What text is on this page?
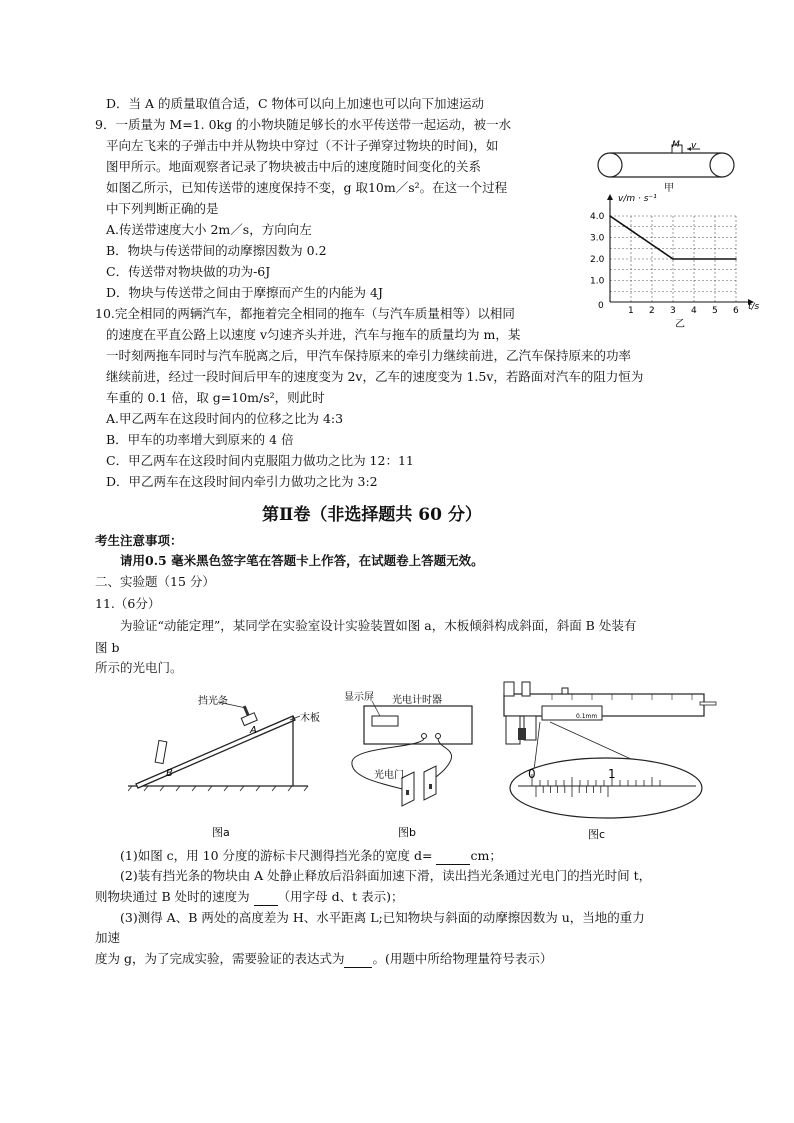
D．当 A 的质量取值合适，C 物体可以向上加速也可以向下加速运动
9．一质量为 M=1. 0kg 的小物块随足够长的水平传送带一起运动，被一水
平向左飞来的子弹击中并从物块中穿过（不计子弹穿过物块的时间)，如
图甲所示。地面观察者记录了物块被击中后的速度随时间变化的关系
如图乙所示，已知传送带的速度保持不变，g 取10m／s²。在这一个过程
中下列判断正确的是
A.传送带速度大小 2m／s，方向向左
B．物块与传送带间的动摩擦因数为 0.2
C．传送带对物块做的功为-6J
D．物块与传送带之间由于摩擦而产生的内能为 4J
M v
甲
1 2 3 4 5 6
1.0
2.0
3.0
4.0
v/m · s⁻¹
t/s
0
乙
10.完全相同的两辆汽车，都拖着完全相同的拖车（与汽车质量相等）以相同
的速度在平直公路上以速度 v匀速齐头并进，汽车与拖车的质量均为 m，某
一时刻两拖车同时与汽车脱离之后，甲汽车保持原来的牵引力继续前进，乙汽车保持原来的功率
继续前进，经过一段时间后甲车的速度变为 2v，乙车的速度变为 1.5v，若路面对汽车的阻力恒为
车重的 0.1 倍，取 g=10m/s²，则此时
A.甲乙两车在这段时间内的位移之比为 4:3
B．甲车的功率增大到原来的 4 倍
C．甲乙两车在这段时间内克服阻力做功之比为 12：11
D．甲乙两车在这段时间内牵引力做功之比为 3:2
第Ⅱ卷（非选择题共 60 分）
考生注意事项：
请用0.5 毫米黑色签字笔在答题卡上作答，在试题卷上答题无效。
二、实验题（15 分）
11.（6分）
为验证“动能定理”，某同学在实验室设计实验装置如图 a，木板倾斜构成斜面，斜面 B 处装有
图 b
所示的光电门。
挡光条
木板
A
B
图a
显示屏 光电计时器
光电门
图b
0.1mm
0	1
图c
(1)如图 c，用 10 分度的游标卡尺测得挡光条的宽度 d=	cm；
(2)装有挡光条的物块由 A 处静止释放后沿斜面加速下滑，读出挡光条通过光电门的挡光时间 t，
则物块通过 B 处时的速度为  （用字母 d、t 表示)；
(3)测得 A、B 两处的高度差为 H、水平距离 L;已知物块与斜面的动摩擦因数为 u，当地的重力
加速
度为 g，为了完成实验，需要验证的表达式为 。(用题中所给物理量符号表示）
